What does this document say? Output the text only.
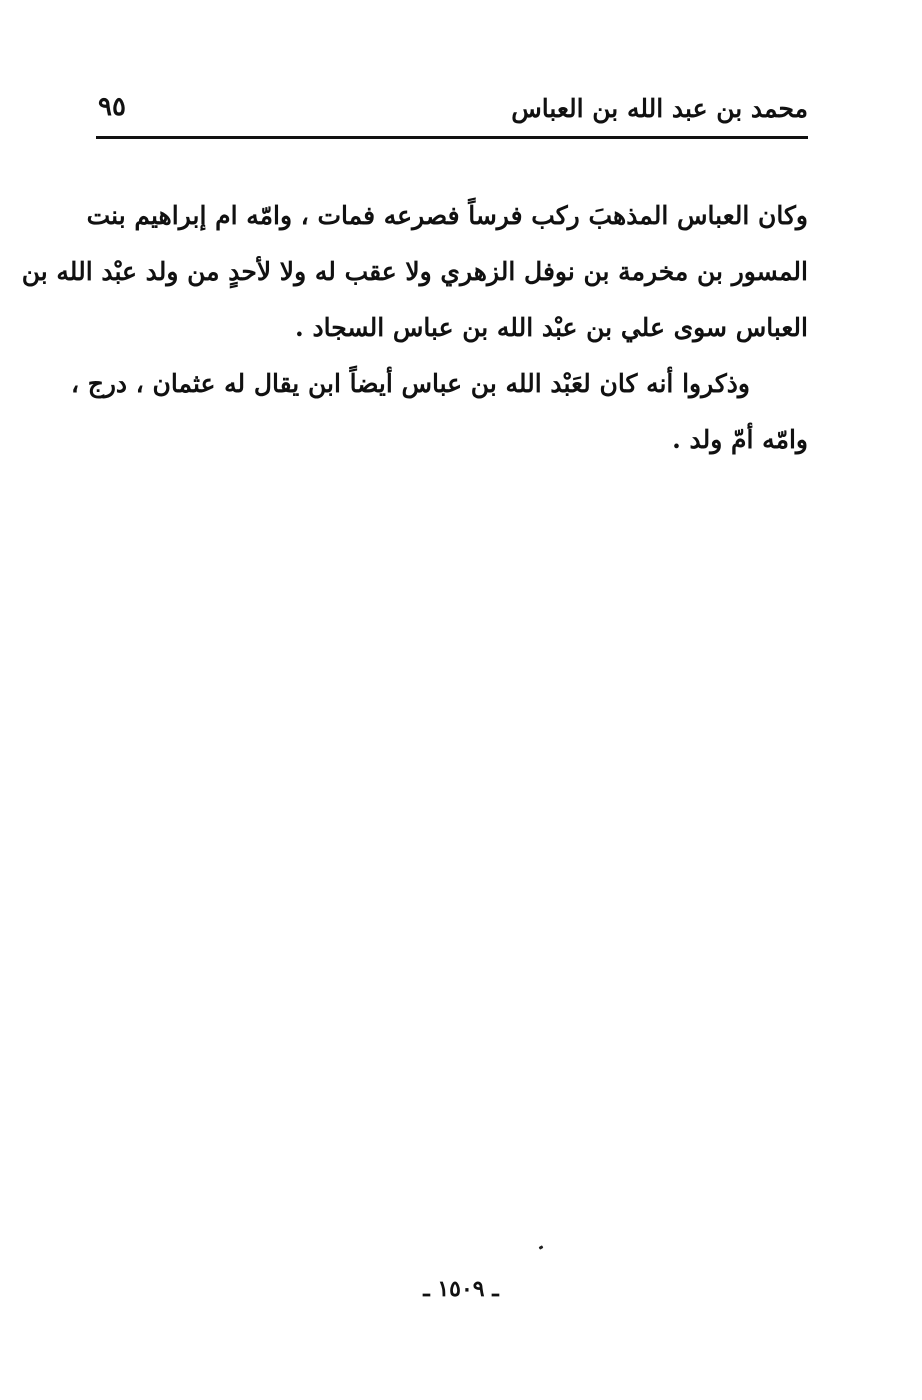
محمد بن عبد الله بن العباس
٩٥
وكان العباس المذهبَ ركب فرساً فصرعه فمات ، وامّه ام إبراهيم بنت
المسور بن مخرمة بن نوفل الزهري ولا عقب له ولا لأحدٍ من ولد عبْد الله بن
العباس سوى علي بن عبْد الله بن عباس السجاد .
وذكروا أنه كان لعَبْد الله بن عباس أيضاً ابن يقال له عثمان ، درج ،
وامّه أمّ ولد .
ـ ١٥٠٩ ـ
